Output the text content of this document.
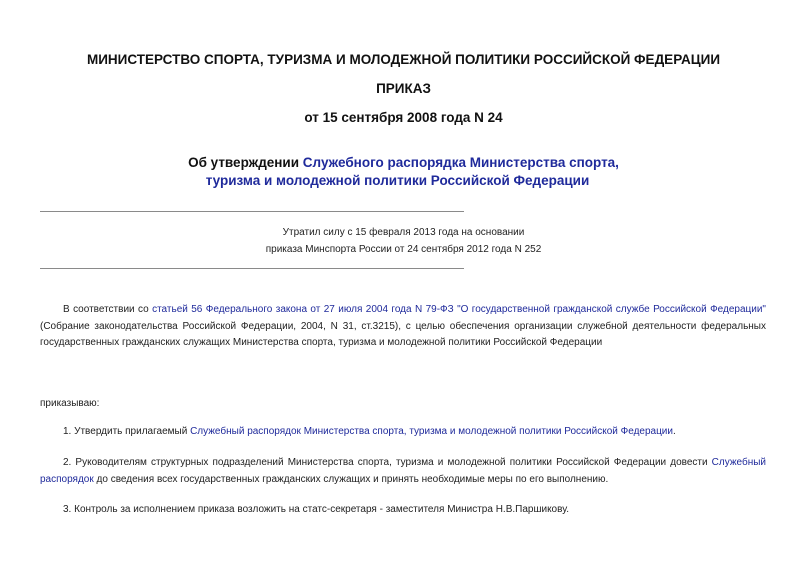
МИНИСТЕРСТВО СПОРТА, ТУРИЗМА И МОЛОДЕЖНОЙ ПОЛИТИКИ РОССИЙСКОЙ ФЕДЕРАЦИИ
ПРИКАЗ
от 15 сентября 2008 года N 24
Об утверждении Служебного распорядка Министерства спорта,
туризма и молодежной политики Российской Федерации
Утратил силу с 15 февраля 2013 года на основании
приказа Минспорта России от 24 сентября 2012 года N 252
В соответствии со статьей 56 Федерального закона от 27 июля 2004 года N 79-ФЗ "О государственной гражданской службе Российской Федерации" (Собрание законодательства Российской Федерации, 2004, N 31, ст.3215), с целью обеспечения организации служебной деятельности федеральных государственных гражданских служащих Министерства спорта, туризма и молодежной политики Российской Федерации
приказываю:
1. Утвердить прилагаемый Служебный распорядок Министерства спорта, туризма и молодежной политики Российской Федерации.
2. Руководителям структурных подразделений Министерства спорта, туризма и молодежной политики Российской Федерации довести Служебный распорядок до сведения всех государственных гражданских служащих и принять необходимые меры по его выполнению.
3. Контроль за исполнением приказа возложить на статс-секретаря - заместителя Министра Н.В.Паршикову.
